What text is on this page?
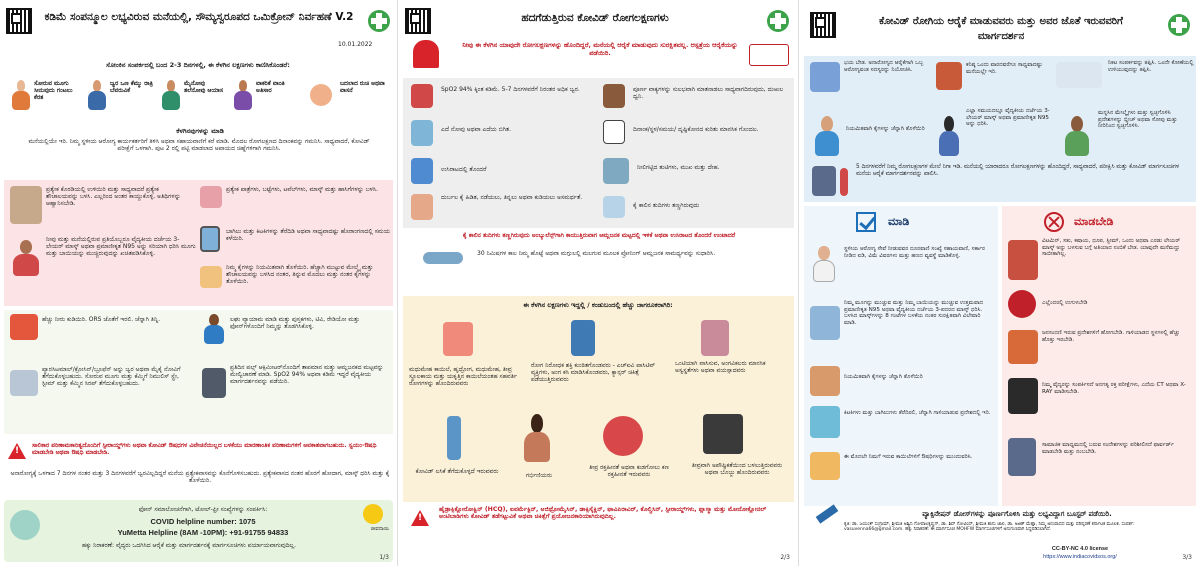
ಕಡಿಮೆ ಸಂಪನ್ಮೂಲ ಲಭ್ಯವಿರುವ ಮನೆಯಲ್ಲಿ, ಸೌಮ್ಯಸ್ವರೂಪದ ಒಮಿಕ್ರೋನ್ ನಿರ್ವಹಣೆ V.2
10.01.2022
ಸೋಂಕಿನ ಸಂಪರ್ಕದಲ್ಲಿ ಬಂದ 2-3 ದಿನಗಳಲ್ಲಿ, ಈ ಕೆಳಗಿನ ಲಕ್ಷಣಗಳು ಕಾಣಿಸಿಕೊಂಡರೆ:
ಸೋರುವ ಮೂಗು ಸೀನುವುದು ಗಂಟಲು ಕೆರತ
ಜ್ವರ ಒಣ ಕೆಮ್ಮು ರಾತ್ರಿ ಬೆವರುವಿಕೆ
ಮೈನೋವು ತಲೆನೋವು ಆಯಾಸ
ವಾಕರಿಕೆ ವಾಂತಿ ಅತಿಸಾರ
ಬದಲಾದ ರುಚಿ ಅಥವಾ ವಾಸನೆ
ಕೆಳಗಿನವುಗಳನ್ನು ಮಾಡಿ
ಮನೆಯಲ್ಲಿಯೇ ಇರಿ. ನಿಮ್ಮ ಸ್ಥಳೀಯ ಆರೋಗ್ಯ ಕಾರ್ಯಕರ್ತರಿಗೆ ತಿಳಿಸಿ ಅಥವಾ ಸಹಾಯವಾಣಿಗೆ ಕರೆ ಮಾಡಿ. ಮೊದಲ ರೋಗಲಕ್ಷಣದ ದಿನಾಂಕವನ್ನು ಗಮನಿಸಿ. ಸಾಧ್ಯವಾದರೆ, ಕೋವಿಡ್ ಪರೀಕ್ಷೆಗೆ ಒಳಗಾಗಿ. ಪುಟ 2 ರಲ್ಲಿ ಪಟ್ಟಿ ಮಾಡಲಾದ ಅಪಾಯದ ಚಿಹ್ನೆಗಳಿಗಾಗಿ ಗಮನಿಸಿ.
ಪ್ರತ್ಯೇಕ ಕೊಠಡಿಯಲ್ಲಿ ಉಳಿಯಿರಿ ಮತ್ತು ಸಾಧ್ಯವಾದರೆ ಪ್ರತ್ಯೇಕ ಶೌಚಾಲಯವನ್ನು ಬಳಸಿ. ಎಲ್ಲರಿಂದ ಅಂತರ ಕಾಯ್ದುಕೊಳ್ಳಿ. ಅತಿಥಿಗಳನ್ನು ಆಹ್ವಾನಿಸಬೇಡಿ.
ಪ್ರತ್ಯೇಕ ಪಾತ್ರೆಗಳು, ಬಟ್ಟೆಗಳು, ಟವೆಲ್‌ಗಳು, ಮಾಸ್ಕ್ ಮತ್ತು ಹಾಸಿಗೆಗಳನ್ನು ಬಳಸಿ.
ನೀವು ಮತ್ತು ಮನೆಯಲ್ಲಿರುವ ಪ್ರತಿಯೊಬ್ಬರೂ ವೈದ್ಯಕೀಯ ದರ್ಜೆಯ 3-ಲೇಯರ್ ಮಾಸ್ಕ್ ಅಥವಾ ಪ್ರಮಾಣೀಕೃತ N95 ಅನ್ನು ಸರಿಯಾಗಿ ಧರಿಸಿ ಮೂಗು ಮತ್ತು ಬಾಯಿಯನ್ನು ಮುಚ್ಚಿರುವುದನ್ನು ಖಚಿತಪಡಿಸಿಕೊಳ್ಳಿ.
ಬಾಗಿಲು ಮತ್ತು ಕಿಟಕಿಗಳನ್ನು ತೆರೆದಿಡಿ ಅಥವಾ ಸಾಧ್ಯವಾದಷ್ಟು ಹೊರಾಂಗಣದಲ್ಲಿ ಸಮಯ ಕಳೆಯಿರಿ.
ನಿಮ್ಮ ಕೈಗಳನ್ನು ನಿಯಮಿತವಾಗಿ ತೊಳೆಯಿರಿ. ಹೆಚ್ಚಾಗಿ ಮುಟ್ಟುವ ಮೇಲ್ಮೈ ಮತ್ತು ಶೌಚಾಲಯವನ್ನು ಬಳಸಿದ ನಂತರ, ತಿನ್ನುವ ಮೊದಲು ಮತ್ತು ನಂತರ ಕೈಗಳನ್ನು ತೊಳೆಯಿರಿ.
ಹೆಚ್ಚು ನೀರು ಕುಡಿಯಿರಿ. ORS ಜೊತೆಗೆ ಇರಲಿ. ಚೆನ್ನಾಗಿ ತಿನ್ನಿ.	ಲಘು ವ್ಯಾಯಾಮ ಮಾಡಿ ಮತ್ತು ಪುಸ್ತಕಗಳು, ಟಿವಿ, ರೇಡಿಯೋ ಮತ್ತು ಫೋನ್‌ಗಳೊಂದಿಗೆ ನಿಮ್ಮನ್ನು ತೊಡಗಿಸಿಕೊಳ್ಳಿ.
ಪ್ಯಾರಸಿಟಮಾಲ್/ಕ್ರೋಸಿನ್/ಬ್ರೂಫೆನ್ ಅನ್ನು ಜ್ವರ ಅಥವಾ ಮೈಕೈ ನೋವಿಗೆ ತೆಗೆದುಕೊಳ್ಳಬಹುದು. ಸೋರುವ ಮೂಗು ಮತ್ತು ಕೆಮ್ಮಿಗೆ ನಿಮುಲಿಸ್ ಸ್ಪ್ರೇ, ಸ್ಟೀಮ್ ಮತ್ತು ಕೆಮ್ಮಿನ ಸಿರಪ್ ತೆಗೆದುಕೊಳ್ಳಬಹುದು.
ಪ್ರತಿದಿನ ಪಲ್ಸ್ ಆಕ್ಸಿಮೀಟರ್‌ನೊಂದಿಗೆ ತಾಪಮಾನ ಮತ್ತು ಆಮ್ಲಜನಕದ ಮಟ್ಟವನ್ನು ಮೇಲ್ವಿಚಾರಣೆ ಮಾಡಿ. SpO2 94% ಅಥವಾ ಕಡಿಮೆ ಇದ್ದರೆ ವೈದ್ಯಕೀಯ ಮಾರ್ಗದರ್ಶನವನ್ನು ಪಡೆಯಿರಿ.
!
ಸಾಲಿಕಾರ ಪರಿಣಾಮಕಾರಿತ್ವದೊಂದಿಗೆ ಸ್ಟೀರಾಯ್ಡ್‌ಗಳು ಅಥವಾ ಕೋವಿಡ್ ಔಷಧಗಳ ವಿವೇಚನೆಯಿಲ್ಲದ ಬಳಕೆಯು ಮಾರಣಾಂತಿಕ ಪರಿಣಾಮಗಳಿಗೆ ಅವಕಾಶವಾಗಬಹುದು. ಸ್ವಯಂ-ಔಷಧಿ ಮಾಡಬೇಡಿ ಅಥವಾ ಔಷಧಿ ಮಾಡಬೇಡಿ.
ಅನಾರೋಗ್ಯಕ್ಕೆ ಒಳಗಾದ 7 ದಿನಗಳ ನಂತರ ಮತ್ತು 3 ದಿನಗಳವರೆಗೆ ಜ್ವರವಿಲ್ಲದಿದ್ದರೆ ಮನೆಯ ಪ್ರತ್ಯೇಕವಾಸವನ್ನು ಕೊನೆಗೊಳಿಸಬಹುದು. ಪ್ರತ್ಯೇಕವಾಸದ ನಂತರ ಹೊರಗೆ ಹೋದಾಗ, ಮಾಸ್ಕ್ ಧರಿಸಿ ಮತ್ತು ಕೈ ತೊಳೆಯಿರಿ.
ಫೋನ್ ಸಮಾಲೋಚನೆಗಾಗಿ, ಟೋಲ್-ಫ್ರೀ ಸಂಖ್ಯೆಗಳನ್ನು ಸಂಪರ್ಕಿಸಿ:
COVID helpline number: 1075
YuMetta Helpline (8AM -10PM): +91-91755 94833
ಹಕ್ಕು ನಿರಾಕರಣೆ: ವೈದ್ಯರು ಒದಗಿಸಿದ ಆರೈಕೆ ಮತ್ತು ಮಾರ್ಗದರ್ಶನಕ್ಕೆ ಮಾರ್ಗಸೂಚಿಗಳು ಪರ್ಯಾಯವಾಗುವುದಿಲ್ಲ.
ಜೀವದಾಯಿ
1/3
ಹದಗೆಡುತ್ತಿರುವ ಕೋವಿಡ್ ರೋಗಲಕ್ಷಣಗಳು
ನೀವು ಈ ಕೆಳಗಿನ ಯಾವುದೇ ರೋಗಲಕ್ಷಣಗಳನ್ನು ಹೊಂದಿದ್ದರೆ, ಮನೆಯಲ್ಲಿ ಆರೈಕೆ ಮಾಡುವುದು ಸುರಕ್ಷಿತವಲ್ಲ. ಆಸ್ಪತ್ರೆಯ ಆರೈಕೆಯನ್ನು ಪಡೆಯಿರಿ.
SpO2 94% ಕ್ಕಿಂತ ಕಡಿಮೆ. 5-7 ದಿನಗಳವರೆಗೆ ನಿರಂತರ ಅಧಿಕ ಜ್ವರ.
ಎದೆ ನೋವು ಅಥವಾ ಎದೆಯ ಬಿಗಿತ.
ಉಸಿರಾಟದಲ್ಲಿ ತೊಂದರೆ
ದುರ್ಬಲ ಕೈ ಹಿಡಿತ, ನಡೆಯಲು, ತಿನ್ನಲು ಅಥವಾ ಕುಡಿಯಲು ಅಸಮರ್ಥತೆ.
ಪೂರ್ಣ ವಾಕ್ಯಗಳನ್ನು ಸುಲಭವಾಗಿ ಮಾತನಾಡಲು ಸಾಧ್ಯವಾಗದಿರುವುದು, ದುಃಖಲ ದ್ವನಿ.
ದಿನಾಂಕ/ಸ್ಥಳ/ಸಮಯ/ ದೃಷ್ಟಿಕೋನದ ಕುರಿತು ಮಾನಸಿಕ ಗೊಂದಲ.
ನೀಲಿಗಟ್ಟಿದ ತುಟಿಗಳು, ಮುಖ ಮತ್ತು ದೇಹ.
ಕೈ ಕಾಲಿನ ತುದಿಗಳು ತಣ್ಣಗಿರುವುದು
ಕೈ ಕಾಲಿನ ತುದಿಗಳು ತಣ್ಣಗಿರುವುದು ಅಂಬ್ಯುಲೆನ್ಸ್‌ಗಾಗಿ ಕಾಯುತ್ತಿರುವಾಗ ಆಮ್ಲಜನಕ ಮಟ್ಟದಲ್ಲಿ ಇಳಿಕೆ ಅಥವಾ ಉಸಿರಾಟದ ತೊಂದರೆ ಉಂಟಾದರೆ
30 ನಿಮಿಷಗಳ ಕಾಲ ನಿಮ್ಮ ಹೊಟ್ಟೆ ಅಥವಾ ಮಗ್ಗುಲಲ್ಲಿ ಮಲಗುವ ಮೂಲಕ ಪ್ರೋನಿಂಗ್ ಆಮ್ಲಜನಕ ಸಾಮರ್ಥ್ಯವನ್ನು ಸುಧಾರಿಸಿ.
ಈ ಕೆಳಗಿನ ಲಕ್ಷಣಗಳು ಇದ್ದಲ್ಲಿ / ಕಂಡುಬಂದಲ್ಲಿ ಹೆಚ್ಚು ಜಾಗರೂಕರಾಗಿರಿ:
ಮಧುಮೇಹ ಕಾಯಿಲೆ, ಹೃದ್ರೋಗ, ಮಧುಮೇಹ, ತೀವ್ರ ಸ್ಥೂಲಕಾಯ ಮತ್ತು ಯಕೃತ್ತಿನ ಕಾಯಿಲೆಯಂತಹ ಸಹವರ್ತಿ ರೋಗಗಳನ್ನು ಹೊಂದಿರುವವರು
ರೋಗ ನಿರೋಧಕ ಶಕ್ತಿ ಕುಂಠಿತಗೊಂಡವರು - ಎಚ್‌ಐವಿ ಪಾಸಿಟಿವ್ ವ್ಯಕ್ತಿಗಳು, ಅಂಗ ಕಸಿ ಮಾಡಿಸಿಕೊಂಡವರು, ಕ್ಯಾನ್ಸರ್ ಚಿಕಿತ್ಸೆ ಪಡೆಯುತ್ತಿರುವವರು
ಒಂಟಿಯಾಗಿ ವಾಸಿಸುವ, ಅಂಗವಿಕಲರು ಮಾನಸಿಕ ಅಸ್ವಸ್ಥತೆಗಳು ಅಥವಾ ವಯಸ್ಸಾದವರು
ಕೋವಿಡ್ ಲಸಿಕೆ ತೆಗೆದುಕೊಳ್ಳದೆ ಇರುವವರು
ಗರ್ಭಿಣಿಯರು
ತೀವ್ರ ರಕ್ತಹೀನತೆ ಅಥವಾ ಕುಡಗೋಲು ಕಣ ರಕ್ತಹೀನತೆ ಇರುವವರು
ತೀವ್ರವಾಗಿ ಅಪೌಷ್ಟಿಕತೆಯಿಂದ ಬಳಲುತ್ತಿರುವವರು ಅಥವಾ ಬೊಜ್ಜು ಹೊಂದಿರುವವರು
!
ಹೈಡ್ರಾಕ್ಸಿಕ್ಲೋರೋಕ್ವಿನ್ (HCQ), ಐವರ್ಮೆಕ್ಟಿನ್, ಅಜಿಥ್ರೋಮೈಸಿನ್, ಡಾಕ್ಸಿಸೈಕ್ಲಿನ್, ಫಾವಿಪಿರಾವಿರ್, ಕೊಲ್ಚಿಸಿನ್, ಸ್ಟೀರಾಯ್ಡ್‌ಗಳು, ಪ್ಲಾಸ್ಮಾ ಮತ್ತು ಮೋನೋಕ್ಲೋನಲ್ ಆಂಟಿಬಾಡಿಗಳು ಕೋವಿಡ್ ತಡೆಗಟ್ಟುವಿಕೆ ಅಥವಾ ಚಿಕಿತ್ಸೆಗೆ ಪ್ರಯೋಜನಕಾರಿಯಾಗಿರುವುದಿಲ್ಲ.
2/3
ಕೋವಿಡ್ ರೋಗಿಯ ಆರೈಕೆ ಮಾಡುವವರು ಮತ್ತು ಅವರ ಜೊತೆ ಇರುವವರಿಗೆ ಮಾರ್ಗದರ್ಶನ
ಭಯ ಬೇಡ. ಅನಾರೋಗ್ಯದ ಆರೈಕೆಗಾಗಿ ಒಬ್ಬ ಆರೋಗ್ಯವಂತ ಸದಸ್ಯರನ್ನು ನಿಯೋಜಿಸಿ.
ಕನಿಷ್ಠ ಒಂದು ವಾರದವರೆಗೂ ಸಾಧ್ಯವಾದಷ್ಟು ಮನೆಯಲ್ಲೇ ಇರಿ.
ನಿಕಟ ಸಂಪರ್ಕವನ್ನು ತಪ್ಪಿಸಿ. ಒಂದೇ ಕೋಣೆಯಲ್ಲಿ ಉಳಿಯುವುದನ್ನು ತಪ್ಪಿಸಿ.
ನಿಯಮಿತವಾಗಿ ಕೈಗಳನ್ನು ಚೆನ್ನಾಗಿ ತೊಳೆಯಿರಿ
ಎಲ್ಲಾ ಸಮಯದಲ್ಲೂ ವೈದ್ಯಕೀಯ ದರ್ಜೆಯ 3-ಲೇಯರ್ ಮಾಸ್ಕ್ ಅಥವಾ ಪ್ರಮಾಣೀಕೃತ N95 ಅನ್ನು ಧರಿಸಿ.
ಮನ್ನಸಿನ ಮೇಲ್ಮೈಗಳು ಮತ್ತು ಸ್ವಚ್ಛಗೊಳಿಸಿ ಪ್ರದೇಶಗಳನ್ನು ಬ್ಲೀಚ್ ಅಥವಾ ಸೋಪು ಮತ್ತು ನೀರಿನಿಂದ ಸ್ವಚ್ಛಗೊಳಿಸಿ.
5 ದಿನಗಳವರೆಗೆ ನಿಮ್ಮ ರೋಗಲಕ್ಷಣಗಳ ಮೇಲೆ ನಿಗಾ ಇಡಿ. ಮನೆಯಲ್ಲಿ ಯಾರಾದರೂ ರೋಗಲಕ್ಷಣಗಳನ್ನು ಹೊಂದಿದ್ದರೆ, ಸಾಧ್ಯವಾದರೆ, ಪರೀಕ್ಷಿಸಿ ಮತ್ತು ಕೋವಿಡ್ ಮಾರ್ಗಸೂಚಿಗಳ ಮನೆಯ ಆರೈಕೆ ಮಾರ್ಗದರ್ಶನವನ್ನು ಪಾಲಿಸಿ.
ಮಾಡಿ
ಸ್ಥಳೀಯ ಆರೋಗ್ಯ ಸೇವೆ ನೀಡುವವರ ದೂರವಾಣಿ ಸಂಖ್ಯೆ ಸಹಾಯವಾಣಿ, ಸರ್ಕಾರ ನೀಡಿದ ಐಡಿ, ವಿಮೆ ವಿವರಗಳು ಮತ್ತು ಹಣದ ವ್ಯವಸ್ಥೆ ಮಾಡಿಕೊಳ್ಳಿ.
ನಿಮ್ಮ ಮೂಗನ್ನು ಮುಚ್ಚುವ ಮತ್ತು ನಿಮ್ಮ ಬಾಯಿಯನ್ನು ಮುಚ್ಚುವ ಉತ್ತಮವಾದ ಪ್ರಮಾಣೀಕೃತ N95 ಅಥವಾ ವೈದ್ಯಕೀಯ ದರ್ಜೆಯ 3-ಪದರದ ಮಾಸ್ಕ್ ಧರಿಸಿ. ಬಳಸಿದ ಮಾಸ್ಕ್‌ಗಳನ್ನು 8 ಗಂಟೆಗಳ ಬಳಕೆಯ ನಂತರ ಸುರಕ್ಷಿತವಾಗಿ ವಿಲೇವಾರಿ ಮಾಡಿ.
ನಿಯಮಿತವಾಗಿ ಕೈಗಳನ್ನು ಚೆನ್ನಾಗಿ ತೊಳೆಯಿರಿ
ಕಿಟಕಿಗಳು ಮತ್ತು ಬಾಗಿಲುಗಳು ತೆರೆದಿರಲಿ, ಚೆನ್ನಾಗಿ ಗಾಳಿಯಾಡುವ ಪ್ರದೇಶದಲ್ಲಿ ಇರಿ.
ಈ ಮೊದಲೇ ನಿಮಗೆ ಇರುವ ಕಾಯಿಲೆಗಳಿಗೆ ಔಷಧಿಗಳನ್ನು ಮುಂದುವರಿಸಿ.
ಮಾಡಬೇಡಿ
ವಿಟಮಿನ್, ಸತು, ಕಷಾಯ, ಧೂಪ, ಸ್ಟೀಮ್, ಒಂದು ಅಥವಾ ಎರಡು ಲೇಯರ್ ಮಾಸ್ಕ್ ಅನ್ನು ಬಳಸುವ ಬಗ್ಗೆ ಅತಿಯಾದ ನಂಬಿಕೆ ಬೇಡ. ಯಾವುದೇ ಮನೆಮದ್ದು ಸಾಬೀತಾಗಿಲ್ಲ.
ಎಲ್ಲೆಂದರಲ್ಲಿ ಉಗುಳಬೇಡಿ
ಜನಸಂದಣಿ ಇರುವ ಪ್ರದೇಶಗಳಿಗೆ ಹೋಗಬೇಡಿ. ಗಾಳಿಯಾಡದ ಸ್ಥಳಗಳಲ್ಲಿ ಹೆಚ್ಚು ಹೊತ್ತು ಇರಬೇಡಿ.
ನಿಮ್ಮ ವೈದ್ಯರನ್ನು ಸಂಪರ್ಕಿಸದೆ ಅನಗತ್ಯ ರಕ್ತ ಪರೀಕ್ಷೆಗಳು, ಎದೆಯ CT ಅಥವಾ X-RAY ಮಾಡಿಸಬೇಡಿ.
ಸಾಮಾಜಿಕ ಮಾಧ್ಯಮದಲ್ಲಿ ಬರುವ ಸಂದೇಶಗಳನ್ನು ಪರಿಶೀಲಿಸದೆ ಫಾರ್ವರ್ಡ್ ಮಾಡಬೇಡಿ ಮತ್ತು ನಂಬಬೇಡಿ.
ವ್ಯಾಕ್ಸಿನೇಷನ್ ಡೋಸ್‌ಗಳನ್ನು ಪೂರ್ಣಗೊಳಿಸಿ ಮತ್ತು ಲಭ್ಯವಿದ್ದಾಗ ಬೂಸ್ಟರ್ ಪಡೆಯಿರಿ.
ಕೃತಿ: ಡಾ. ಜಯಂತ್ ಸಂಗ್ರಾಮ್, ಶ್ರೀಮತಿ ಅಶ್ವಿನಿ ಗೋಪಾಲಕೃಷ್ಣನ್, ಡಾ. ಶಿವ್ ಗೋವಿಂದ್, ಶ್ರೀಮತಿ ಶಾನು ಜಾಲಿ, ಡಾ. ಅಜಿತ್ ಮೆಹ್ತಾ, ನಿಮ್ಮ ಅನುವಾದದ ಮತ್ತು ಪರಿಷ್ಕರಣೆ ಕರ್ನಾಟಕ ಮೂಲಕ. ಸಂಪರ್ಕ: vasuvenna66@gmail.com. ಹಕ್ಕು ನಿರಾಕರಣೆ: ಈ ಮಾರ್ಗಸೂಚಿ MOHFW ಮಾರ್ಗಸೂಚಿಗಳಿಗೆ ಅನುಗುಣವಾಗಿ ಸಿದ್ಧಪಡಿಸಲಾಗಿದೆ.
CC-BY-NC 4.0 license
https://www.indiacovidsos.org/	3/3
